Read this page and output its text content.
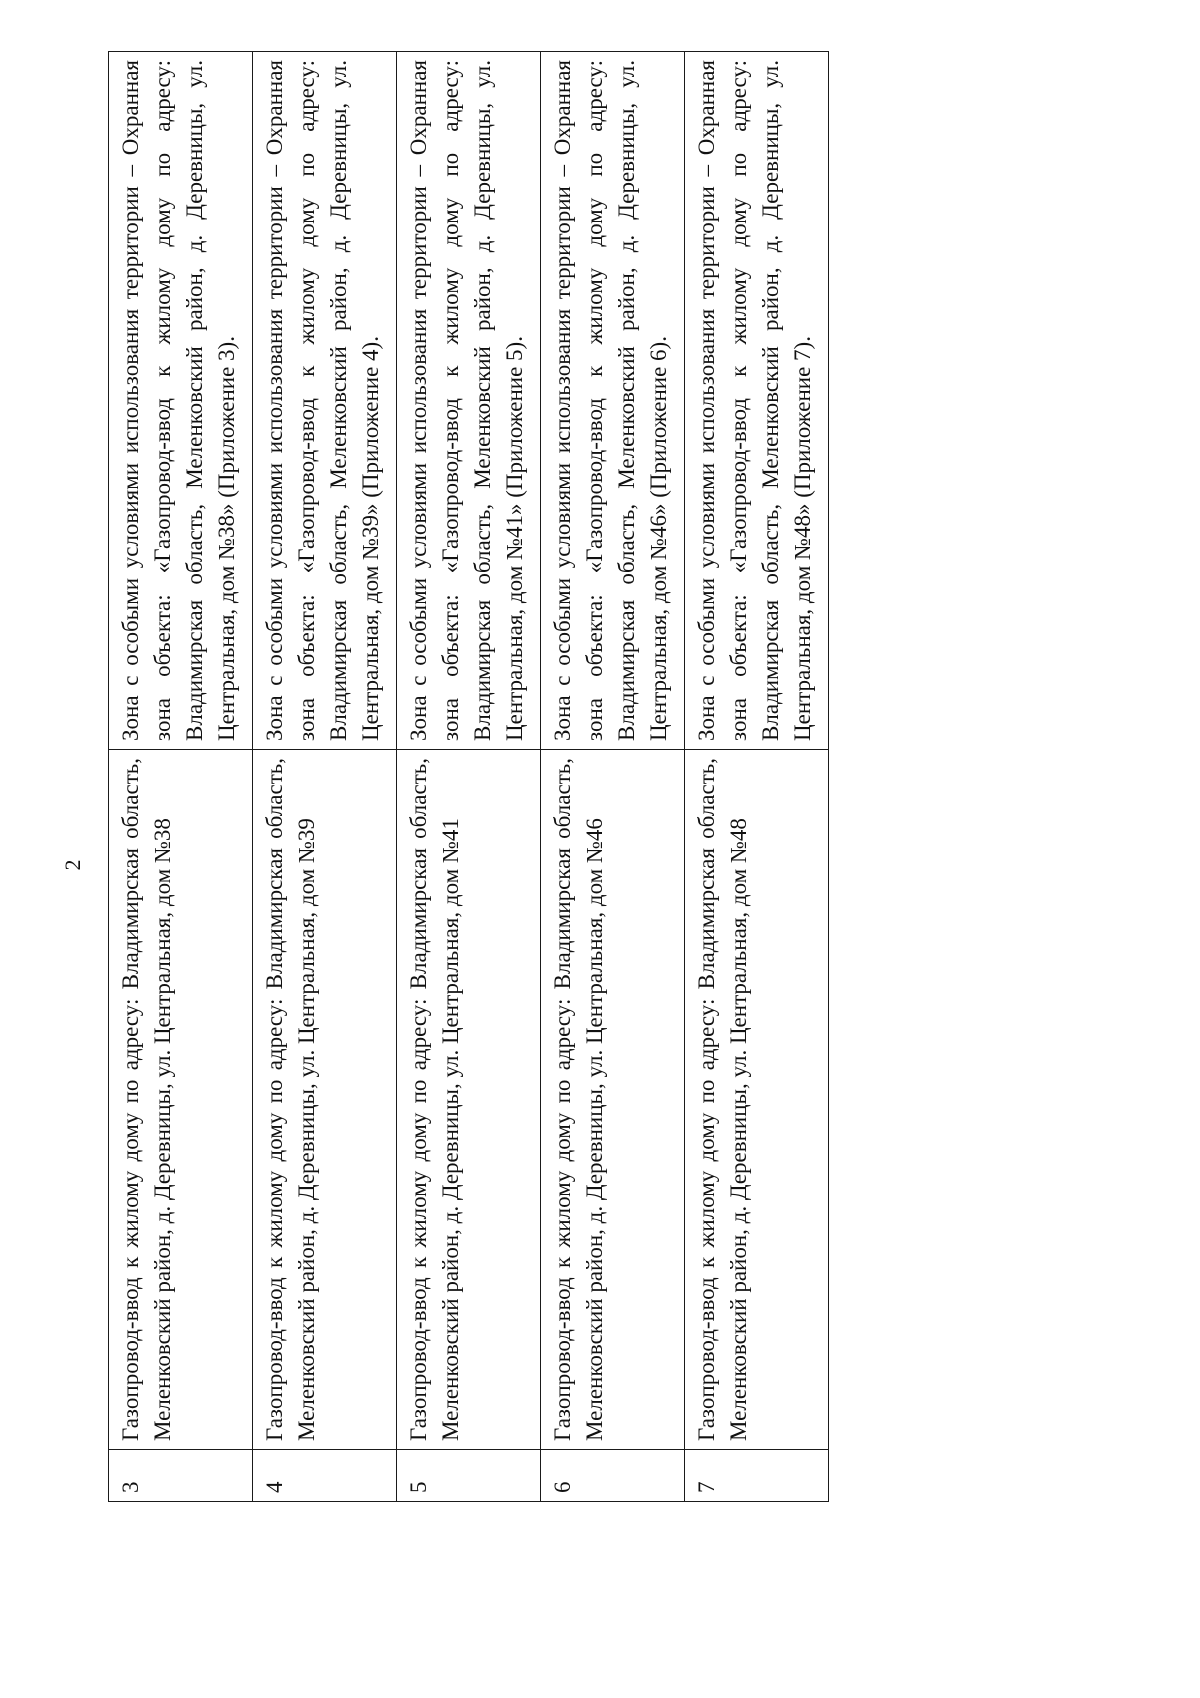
2
3	Газопровод-ввод к жилому дому по адресу: Владимирская область, Меленковский район, д. Деревницы, ул. Центральная, дом №38	Зона с особыми условиями использования территории – Охранная зона объекта: «Газопровод-ввод к жилому дому по адресу: Владимирская область, Меленковский район, д. Деревницы, ул. Центральная, дом №38» (Приложение 3).
4	Газопровод-ввод к жилому дому по адресу: Владимирская область, Меленковский район, д. Деревницы, ул. Центральная, дом №39	Зона с особыми условиями использования территории – Охранная зона объекта: «Газопровод-ввод к жилому дому по адресу: Владимирская область, Меленковский район, д. Деревницы, ул. Центральная, дом №39» (Приложение 4).
5	Газопровод-ввод к жилому дому по адресу: Владимирская область, Меленковский район, д. Деревницы, ул. Центральная, дом №41	Зона с особыми условиями использования территории – Охранная зона объекта: «Газопровод-ввод к жилому дому по адресу: Владимирская область, Меленковский район, д. Деревницы, ул. Центральная, дом №41» (Приложение 5).
6	Газопровод-ввод к жилому дому по адресу: Владимирская область, Меленковский район, д. Деревницы, ул. Центральная, дом №46	Зона с особыми условиями использования территории – Охранная зона объекта: «Газопровод-ввод к жилому дому по адресу: Владимирская область, Меленковский район, д. Деревницы, ул. Центральная, дом №46» (Приложение 6).
7	Газопровод-ввод к жилому дому по адресу: Владимирская область, Меленковский район, д. Деревницы, ул. Центральная, дом №48	Зона с особыми условиями использования территории – Охранная зона объекта: «Газопровод-ввод к жилому дому по адресу: Владимирская область, Меленковский район, д. Деревницы, ул. Центральная, дом №48» (Приложение 7).
